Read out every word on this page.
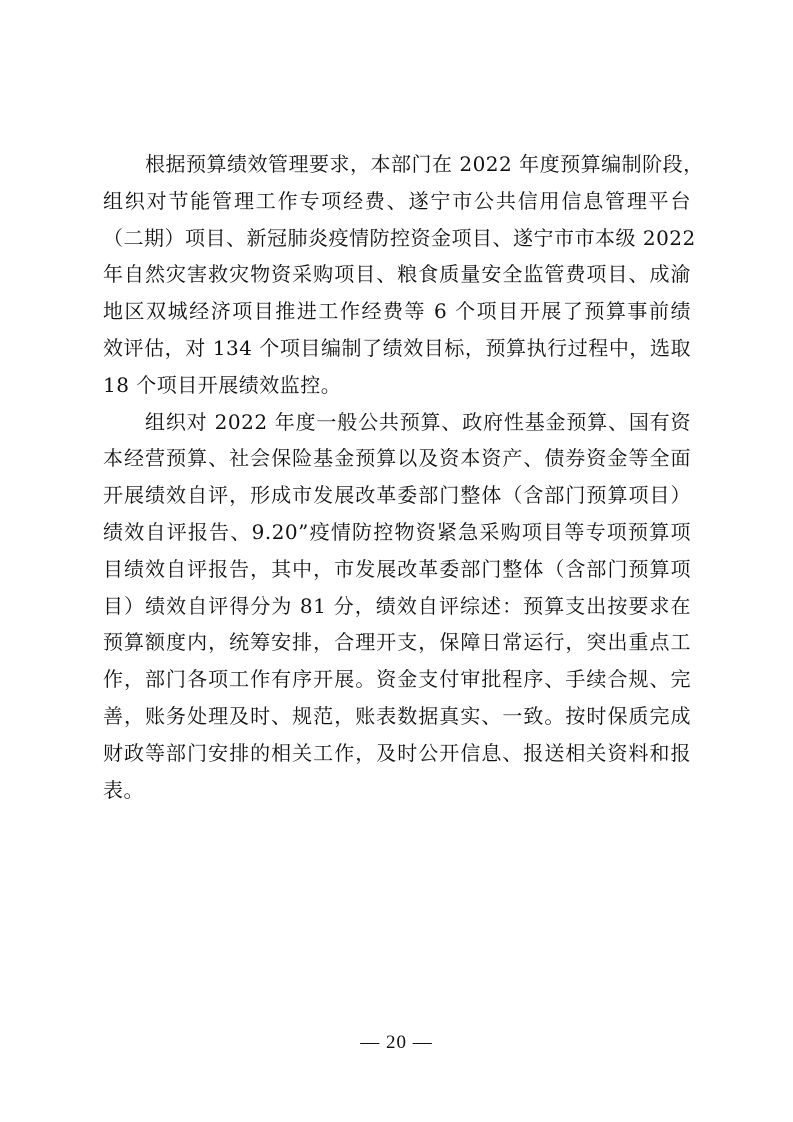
根据预算绩效管理要求，本部门在 2022 年度预算编制阶段，
组织对节能管理工作专项经费、遂宁市公共信用信息管理平台
（二期）项目、新冠肺炎疫情防控资金项目、遂宁市市本级 2022
年自然灾害救灾物资采购项目、粮食质量安全监管费项目、成渝
地区双城经济项目推进工作经费等 6 个项目开展了预算事前绩
效评估，对 134 个项目编制了绩效目标，预算执行过程中，选取
18 个项目开展绩效监控。
组织对 2022 年度一般公共预算、政府性基金预算、国有资
本经营预算、社会保险基金预算以及资本资产、债券资金等全面
开展绩效自评，形成市发展改革委部门整体（含部门预算项目）
绩效自评报告、9.20”疫情防控物资紧急采购项目等专项预算项
目绩效自评报告，其中，市发展改革委部门整体（含部门预算项
目）绩效自评得分为 81 分，绩效自评综述：预算支出按要求在
预算额度内，统筹安排，合理开支，保障日常运行，突出重点工
作，部门各项工作有序开展。资金支付审批程序、手续合规、完
善，账务处理及时、规范，账表数据真实、一致。按时保质完成
财政等部门安排的相关工作，及时公开信息、报送相关资料和报
表。
— 20 —
